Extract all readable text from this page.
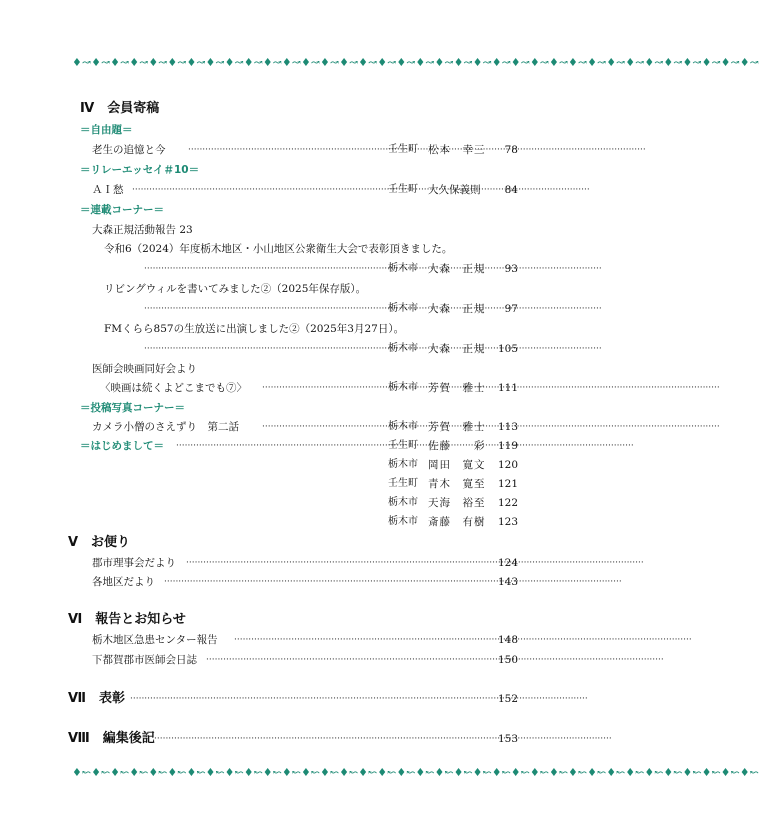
♦↝♦↝♦↝♦↝♦↝♦↝♦↝♦↝♦↝♦↝♦↝♦↝♦↝♦↝♦↝♦↝♦↝♦↝♦↝♦↝♦↝♦↝♦↝♦↝♦↝♦↝♦↝♦↝♦↝♦↝♦↝♦↝♦↝♦↝♦↝♦↝
Ⅳ　会員寄稿
＝自由題＝
老生の追憶と今 ·····	壬生町 松本　幸三	78
＝リレーエッセイ＃10＝
ＡＩ愁 ·····	壬生町 大久保義則	84
＝連載コーナー＝
大森正規活動報告 23
令和6（2024）年度栃木地区・小山地区公衆衛生大会で表彰頂きました。
·····
栃木市 大森　正規	93
リビングウィルを書いてみました②（2025年保存版）。
·····
栃木市 大森　正規	97
FMくらら857の生放送に出演しました②（2025年3月27日）。
·····
栃木市 大森　正規	105
医師会映画同好会より
〈映画は続くよどこまでも⑦〉 ·····	栃木市 芳賀　雅士	111
＝投稿写真コーナー＝
カメラ小僧のさえずり　第二話 ·····	栃木市 芳賀　雅士	113
＝はじめまして＝ ·····	壬生町 佐藤　　彩	119
栃木市 岡田　寛文	120
壬生町 青木　寛至	121
栃木市 天海　裕至	122
栃木市 斎藤　有樹	123
Ⅴ　お便り
郡市理事会だより ·····	124
各地区だより ·····	143
Ⅵ　報告とお知らせ
栃木地区急患センター報告 ·····	148
下都賀郡市医師会日誌 ·····	150
Ⅶ　表彰 ·····	152
Ⅷ　編集後記 ·····	153
♦↜♦↜♦↜♦↜♦↜♦↜♦↜♦↜♦↜♦↜♦↜♦↜♦↜♦↜♦↜♦↜♦↜♦↜♦↜♦↜♦↜♦↜♦↜♦↜♦↜♦↜♦↜♦↜♦↜♦↜♦↜♦↜♦↜♦↜♦↜♦↜
